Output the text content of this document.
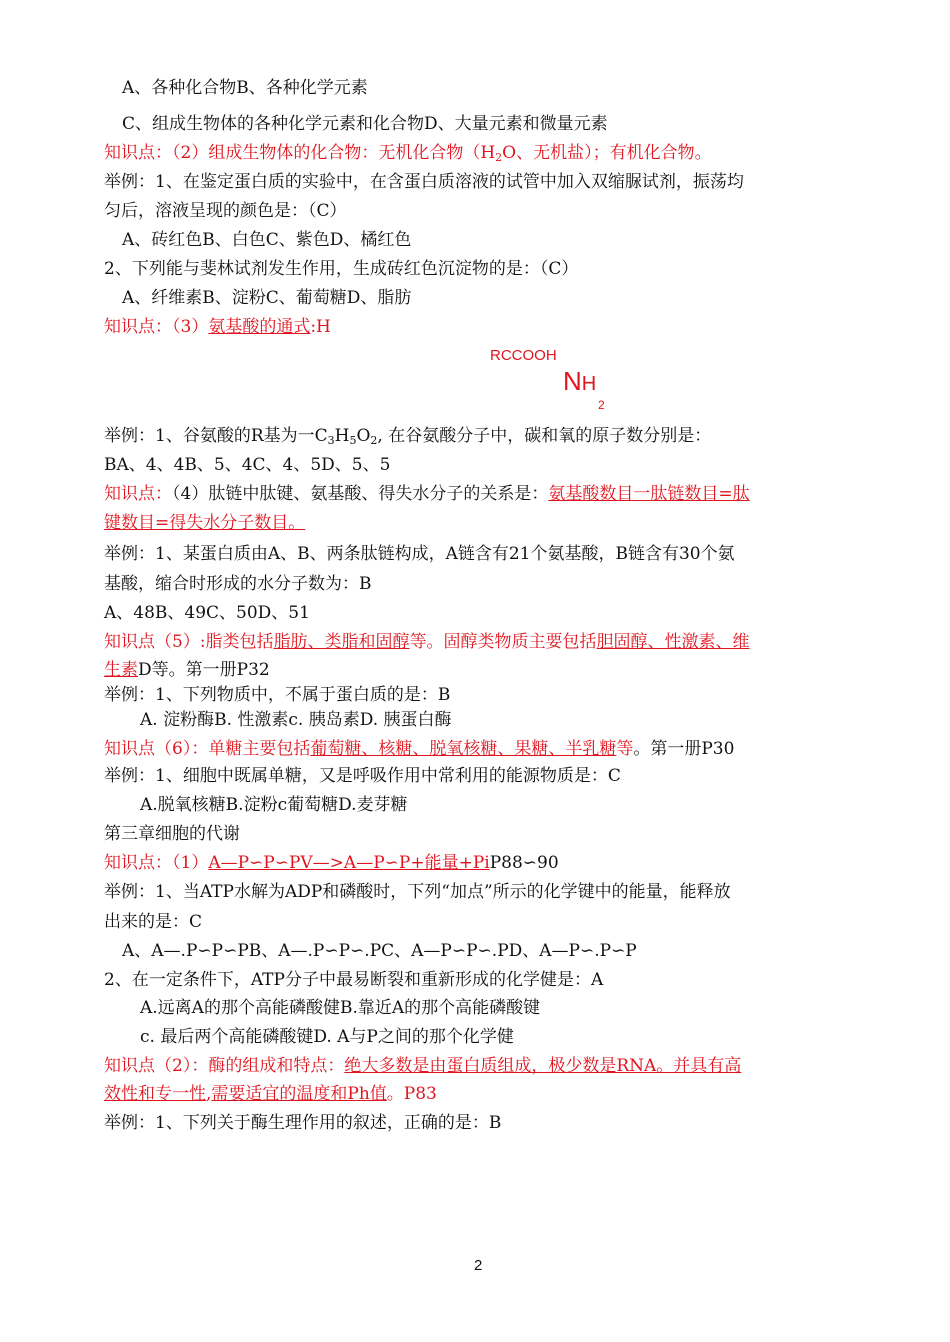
A、各种化合物B、各种化学元素
C、组成生物体的各种化学元素和化合物D、大量元素和微量元素
知识点：（2）组成生物体的化合物：无机化合物（$H_2O$、无机盐）；有机化合物。
举例：1、在鉴定蛋白质的实验中，在含蛋白质溶液的试管中加入双缩脲试剂，振荡均
匀后，溶液呈现的颜色是：（C）
A、砖红色B、白色C、紫色D、橘红色
2、下列能与斐林试剂发生作用，生成砖红色沉淀物的是：（C）
A、纤维素B、淀粉C、葡萄糖D、脂肪
知识点：（3）氨基酸的通式:H
RCCOOH
NH
2
举例：1、谷氨酸的R基为一$C_3H_5O_2$, 在谷氨酸分子中，碳和氧的原子数分别是：
BA、4、4B、5、4C、4、5D、5、5
知识点：（4）肽链中肽键、氨基酸、得失水分子的关系是：氨基酸数目一肽链数目=肽
键数目=得失水分子数目。
举例：1、某蛋白质由A、B、两条肽链构成，A链含有21个氨基酸，B链含有30个氨
基酸，缩合时形成的水分子数为：B
A、48B、49C、50D、51
知识点（5）:脂类包括脂肪、类脂和固醇等。固醇类物质主要包括胆固醇、性激素、维
生素D等。第一册P32
举例：1、下列物质中，不属于蛋白质的是：B
A. 淀粉酶B. 性激素c. 胰岛素D. 胰蛋白酶
知识点（6）：单糖主要包括葡萄糖、核糖、脱氧核糖、果糖、半乳糖等。第一册P30
举例：1、细胞中既属单糖，又是呼吸作用中常利用的能源物质是：C
A.脱氧核糖B.淀粉c葡萄糖D.麦芽糖
第三章细胞的代谢
知识点：（1）A—P∽P∽PV—>A—P∽P+能量+PiP88∽90
举例：1、当ATP水解为ADP和磷酸时，下列“加点”所示的化学键中的能量，能释放
出来的是：C
A、A—.P∽P∽PB、A—.P∽P∽.PC、A—P∽P∽.PD、A—P∽.P∽P
2、在一定条件下，ATP分子中最易断裂和重新形成的化学健是：A
A.远离A的那个高能磷酸健B.靠近A的那个高能磷酸键
c. 最后两个高能磷酸键D. A与P之间的那个化学健
知识点（2）：酶的组成和特点：绝大多数是由蛋白质组成，极少数是RNA。并具有高
效性和专一性,需要适宜的温度和Ph值。P83
举例：1、下列关于酶生理作用的叙述，正确的是：B
2
